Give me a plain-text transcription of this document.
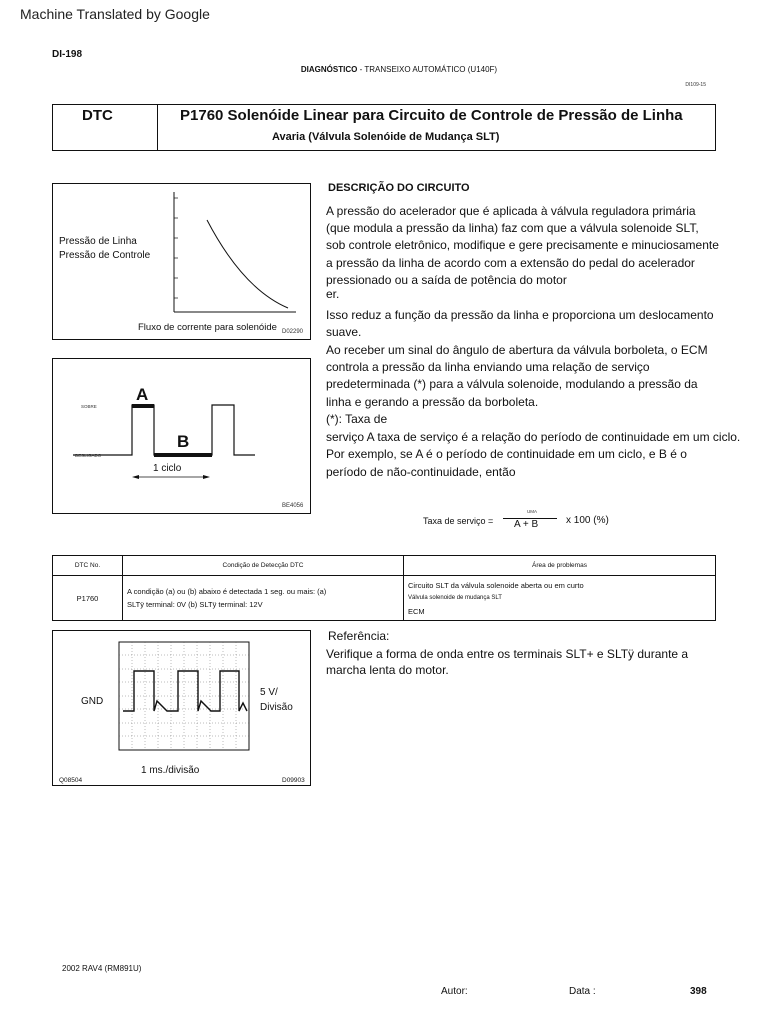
Machine Translated by Google
DI-198
DIAGNÓSTICO - TRANSEIXO AUTOMÁTICO (U140F)
DI109-15
DTC	P1760 Solenóide Linear para Circuito de Controle de Pressão de Linha
Avaria (Válvula Solenóide de Mudança SLT)
Pressão de Linha
Pressão de Controle
Fluxo de corrente para solenóide D02290
A
B
SOBRE
DESLIGADO
1 ciclo
BE4056
DESCRIÇÃO DO CIRCUITO
A pressão do acelerador que é aplicada à válvula reguladora primária
(que modula a pressão da linha) faz com que a válvula solenoide SLT,
sob controle eletrônico, modifique e gere precisamente e minuciosamente
a pressão da linha de acordo com a extensão do pedal do acelerador
pressionado ou a saída de potência do motor
er.
Isso reduz a função da pressão da linha e proporciona um deslocamento
suave.
Ao receber um sinal do ângulo de abertura da válvula borboleta, o ECM
controla a pressão da linha enviando uma relação de serviço
predeterminada (*) para a válvula solenoide, modulando a pressão da
linha e gerando a pressão da borboleta.
(*): Taxa de
serviço A taxa de serviço é a relação do período de continuidade em um ciclo.
Por exemplo, se A é o período de continuidade em um ciclo, e B é o
período de não-continuidade, então
Taxa de serviço =
UMA
A + B	x 100 (%)
DTC No.	Condição de Detecção DTC	Área de problemas
P1760	A condição (a) ou (b) abaixo é detectada 1 seg. ou mais: (a)
SLTÿ terminal: 0V (b) SLTÿ terminal: 12V	Circuito SLT da válvula solenoide aberta ou em curto
Válvula solenoide de mudança SLT
ECM
GND
5 V/
Divisão
1 ms./divisão
Q08504	D09903
Referência:
Verifique a forma de onda entre os terminais SLT+ e SLTÿ durante a
marcha lenta do motor.
2002 RAV4 (RM891U)
Autor:	Data :	398
